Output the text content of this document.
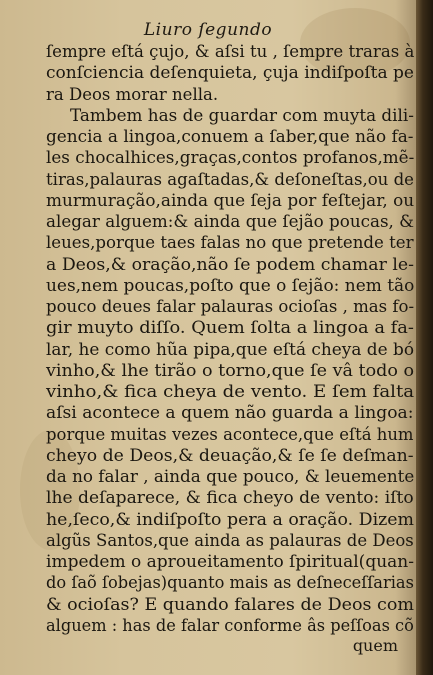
Liuro ſegundo
ſempre eſtá çujo, & aſsi tu , ſempre traras à
conſciencia deſenquieta, çuja indiſpoſta pe
ra Deos morar nella.
Tambem has de guardar com muyta dili-
gencia a lingoa,conuem a ſaber,que não fa-
les chocalhices,graças,contos profanos,mẽ-
tiras,palauras agaſtadas,& deſoneſtas,ou de
murmuração,ainda que ſeja por feſtejar, ou
alegar alguem:& ainda que ſejão poucas, &
leues,porque taes falas no que pretende ter
a Deos,& oração,não ſe podem chamar le-
ues,nem poucas,poſto que o ſejão: nem tão
pouco deues falar palauras ocioſas , mas fo-
gir muyto diſſo. Quem ſolta a lingoa a fa-
lar, he como hũa pipa,que eſtá cheya de bó
vinho,& lhe tirão o torno,que ſe vâ todo o
vinho,& fica cheya de vento. E ſem falta
aſsi acontece a quem não guarda a lingoa:
porque muitas vezes acontece,que eſtá hum
cheyo de Deos,& deuação,& ſe ſe deſman-
da no falar , ainda que pouco, & leuemente
lhe deſaparece, & fica cheyo de vento: iſto
he,ſeco,& indiſpoſto pera a oração. Dizem
algũs Santos,que ainda as palauras de Deos
impedem o aproueitamento ſpiritual(quan-
do ſaõ ſobejas)quanto mais as deſneceſſarias
& ocioſas? E quando falares de Deos com
alguem : has de falar conforme âs peſſoas cõ
quem
